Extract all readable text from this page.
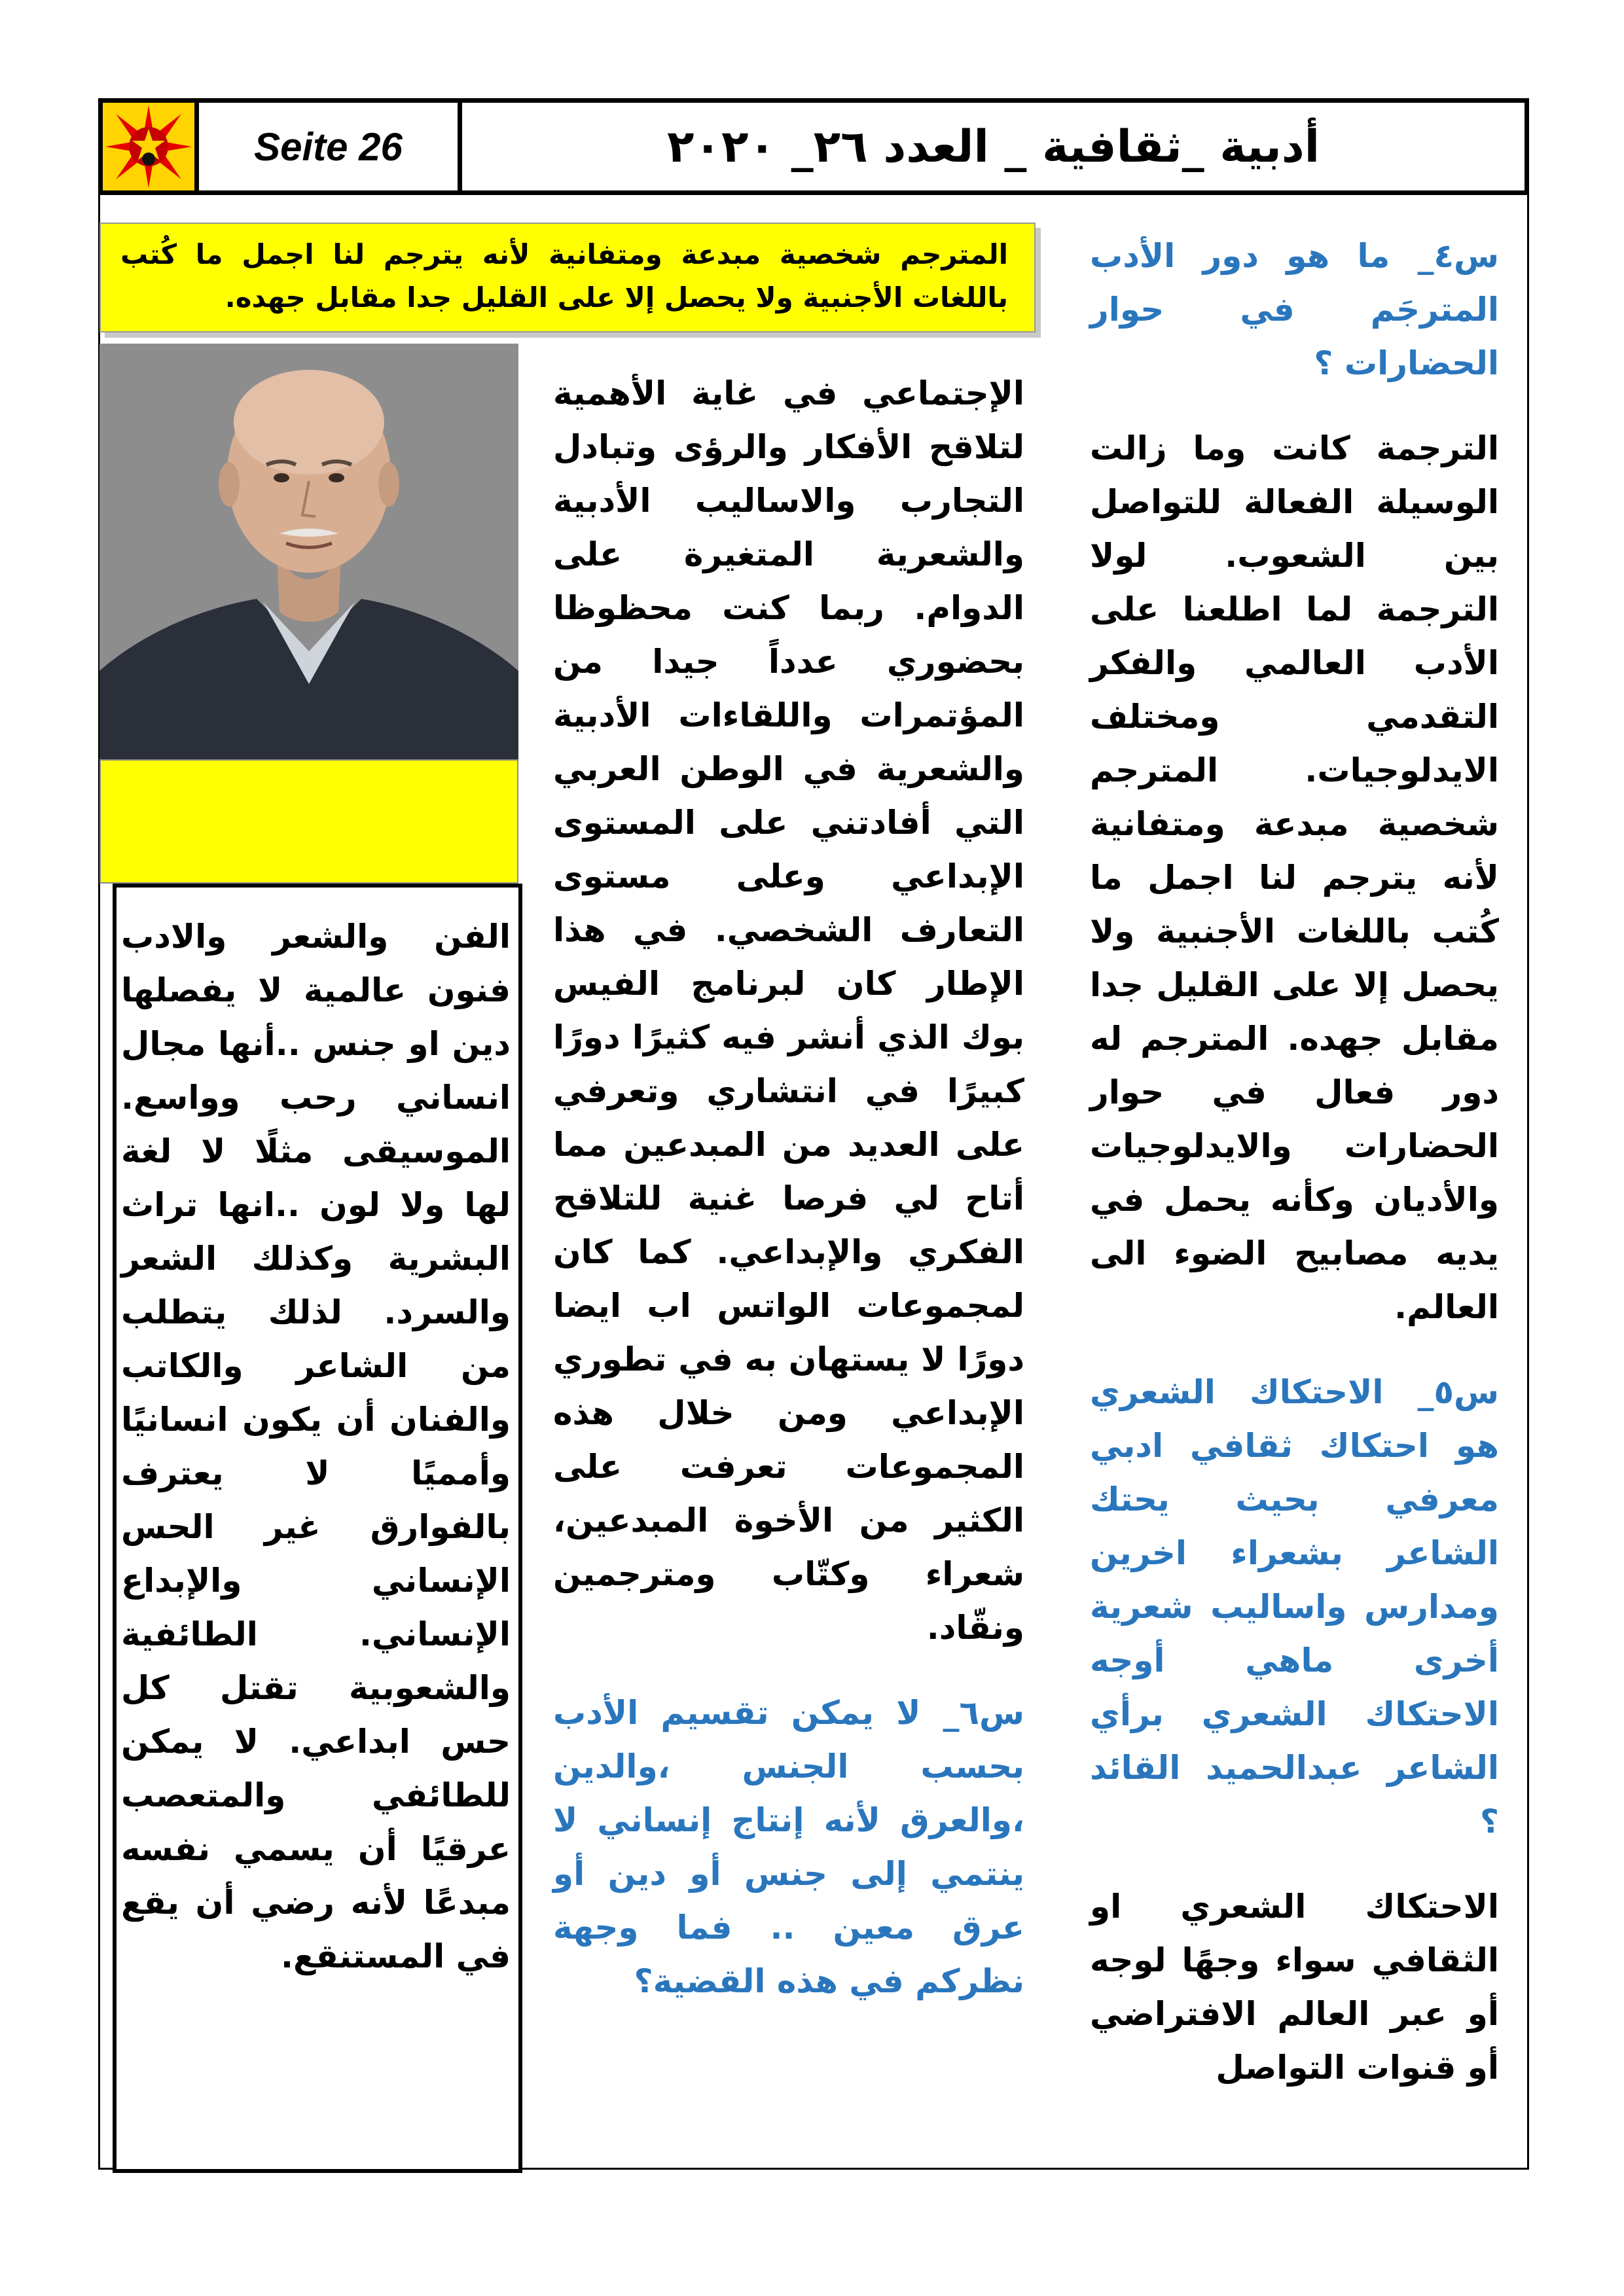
Seite 26	أدبية _ثقافية _ العدد ٢٦_ ٢٠٢٠
المترجم شخصية مبدعة ومتفانية لأنه يترجم لنا اجمل ما كُتب باللغات الأجنبية ولا يحصل إلا على القليل جدا مقابل جهده.

س٤_ ما هو دور الأدب المترجَم في حوار الحضارات ؟

الترجمة كانت وما زالت الوسيلة الفعالة للتواصل بين الشعوب. لولا الترجمة لما اطلعنا على الأدب العالمي والفكر التقدمي ومختلف الايدلوجيات. المترجم شخصية مبدعة ومتفانية لأنه يترجم لنا اجمل ما كُتب باللغات الأجنبية ولا يحصل إلا على القليل جدا مقابل جهده. المترجم له دور فعال في حوار الحضارات والايدلوجيات والأديان وكأنه يحمل في يديه مصابيح الضوء الى العالم.

س٥_ الاحتكاك الشعري هو احتكاك ثقافي ادبي معرفي بحيث يحتك الشاعر بشعراء اخرين ومدارس واساليب شعرية أخرى ماهي أوجه الاحتكاك الشعري برأي الشاعر عبدالحميد القائد ؟

الاحتكاك الشعري او الثقافي سواء وجهًا لوجه أو عبر العالم الافتراضي أو قنوات التواصل

الإجتماعي في غاية الأهمية لتلاقح الأفكار والرؤى وتبادل التجارب والاساليب الأدبية والشعرية المتغيرة على الدوام. ربما كنت محظوظا بحضوري عدداً جيدا من المؤتمرات واللقاءات الأدبية والشعرية في الوطن العربي التي أفادتني على المستوى الإبداعي وعلى مستوى التعارف الشخصي. في هذا الإطار كان لبرنامج الفيس بوك الذي أنشر فيه كثيرًا دورًا كبيرًا في انتشاري وتعرفي على العديد من المبدعين مما أتاح لي فرصا غنية للتلاقح الفكري والإبداعي. كما كان لمجموعات الواتس اب ايضا دورًا لا يستهان به في تطوري الإبداعي ومن خلال هذه المجموعات تعرفت على الكثير من الأخوة المبدعين، شعراء وكتّاب ومترجمين ونقّاد.

س٦_ لا يمكن تقسيم الأدب بحسب الجنس ،والدين ،والعرق لأنه إنتاج إنساني لا ينتمي إلى جنس أو دين أو عرق معين .. فما وجهة نظركم في هذه القضية؟

الفن والشعر والادب فنون عالمية لا يفصلها دين او جنس ..أنها مجال انساني رحب وواسع. الموسيقى مثلًا لا لغة لها ولا لون ..انها تراث البشرية وكذلك الشعر والسرد. لذلك يتطلب من الشاعر والكاتب والفنان أن يكون انسانيًا وأمميًا لا يعترف بالفوارق غير الحس الإنساني والإبداع الإنساني. الطائفية والشعوبية تقتل كل حس ابداعي. لا يمكن للطائفي والمتعصب عرقيًا أن يسمي نفسه مبدعًا لأنه رضي أن يقع في المستنقع.
